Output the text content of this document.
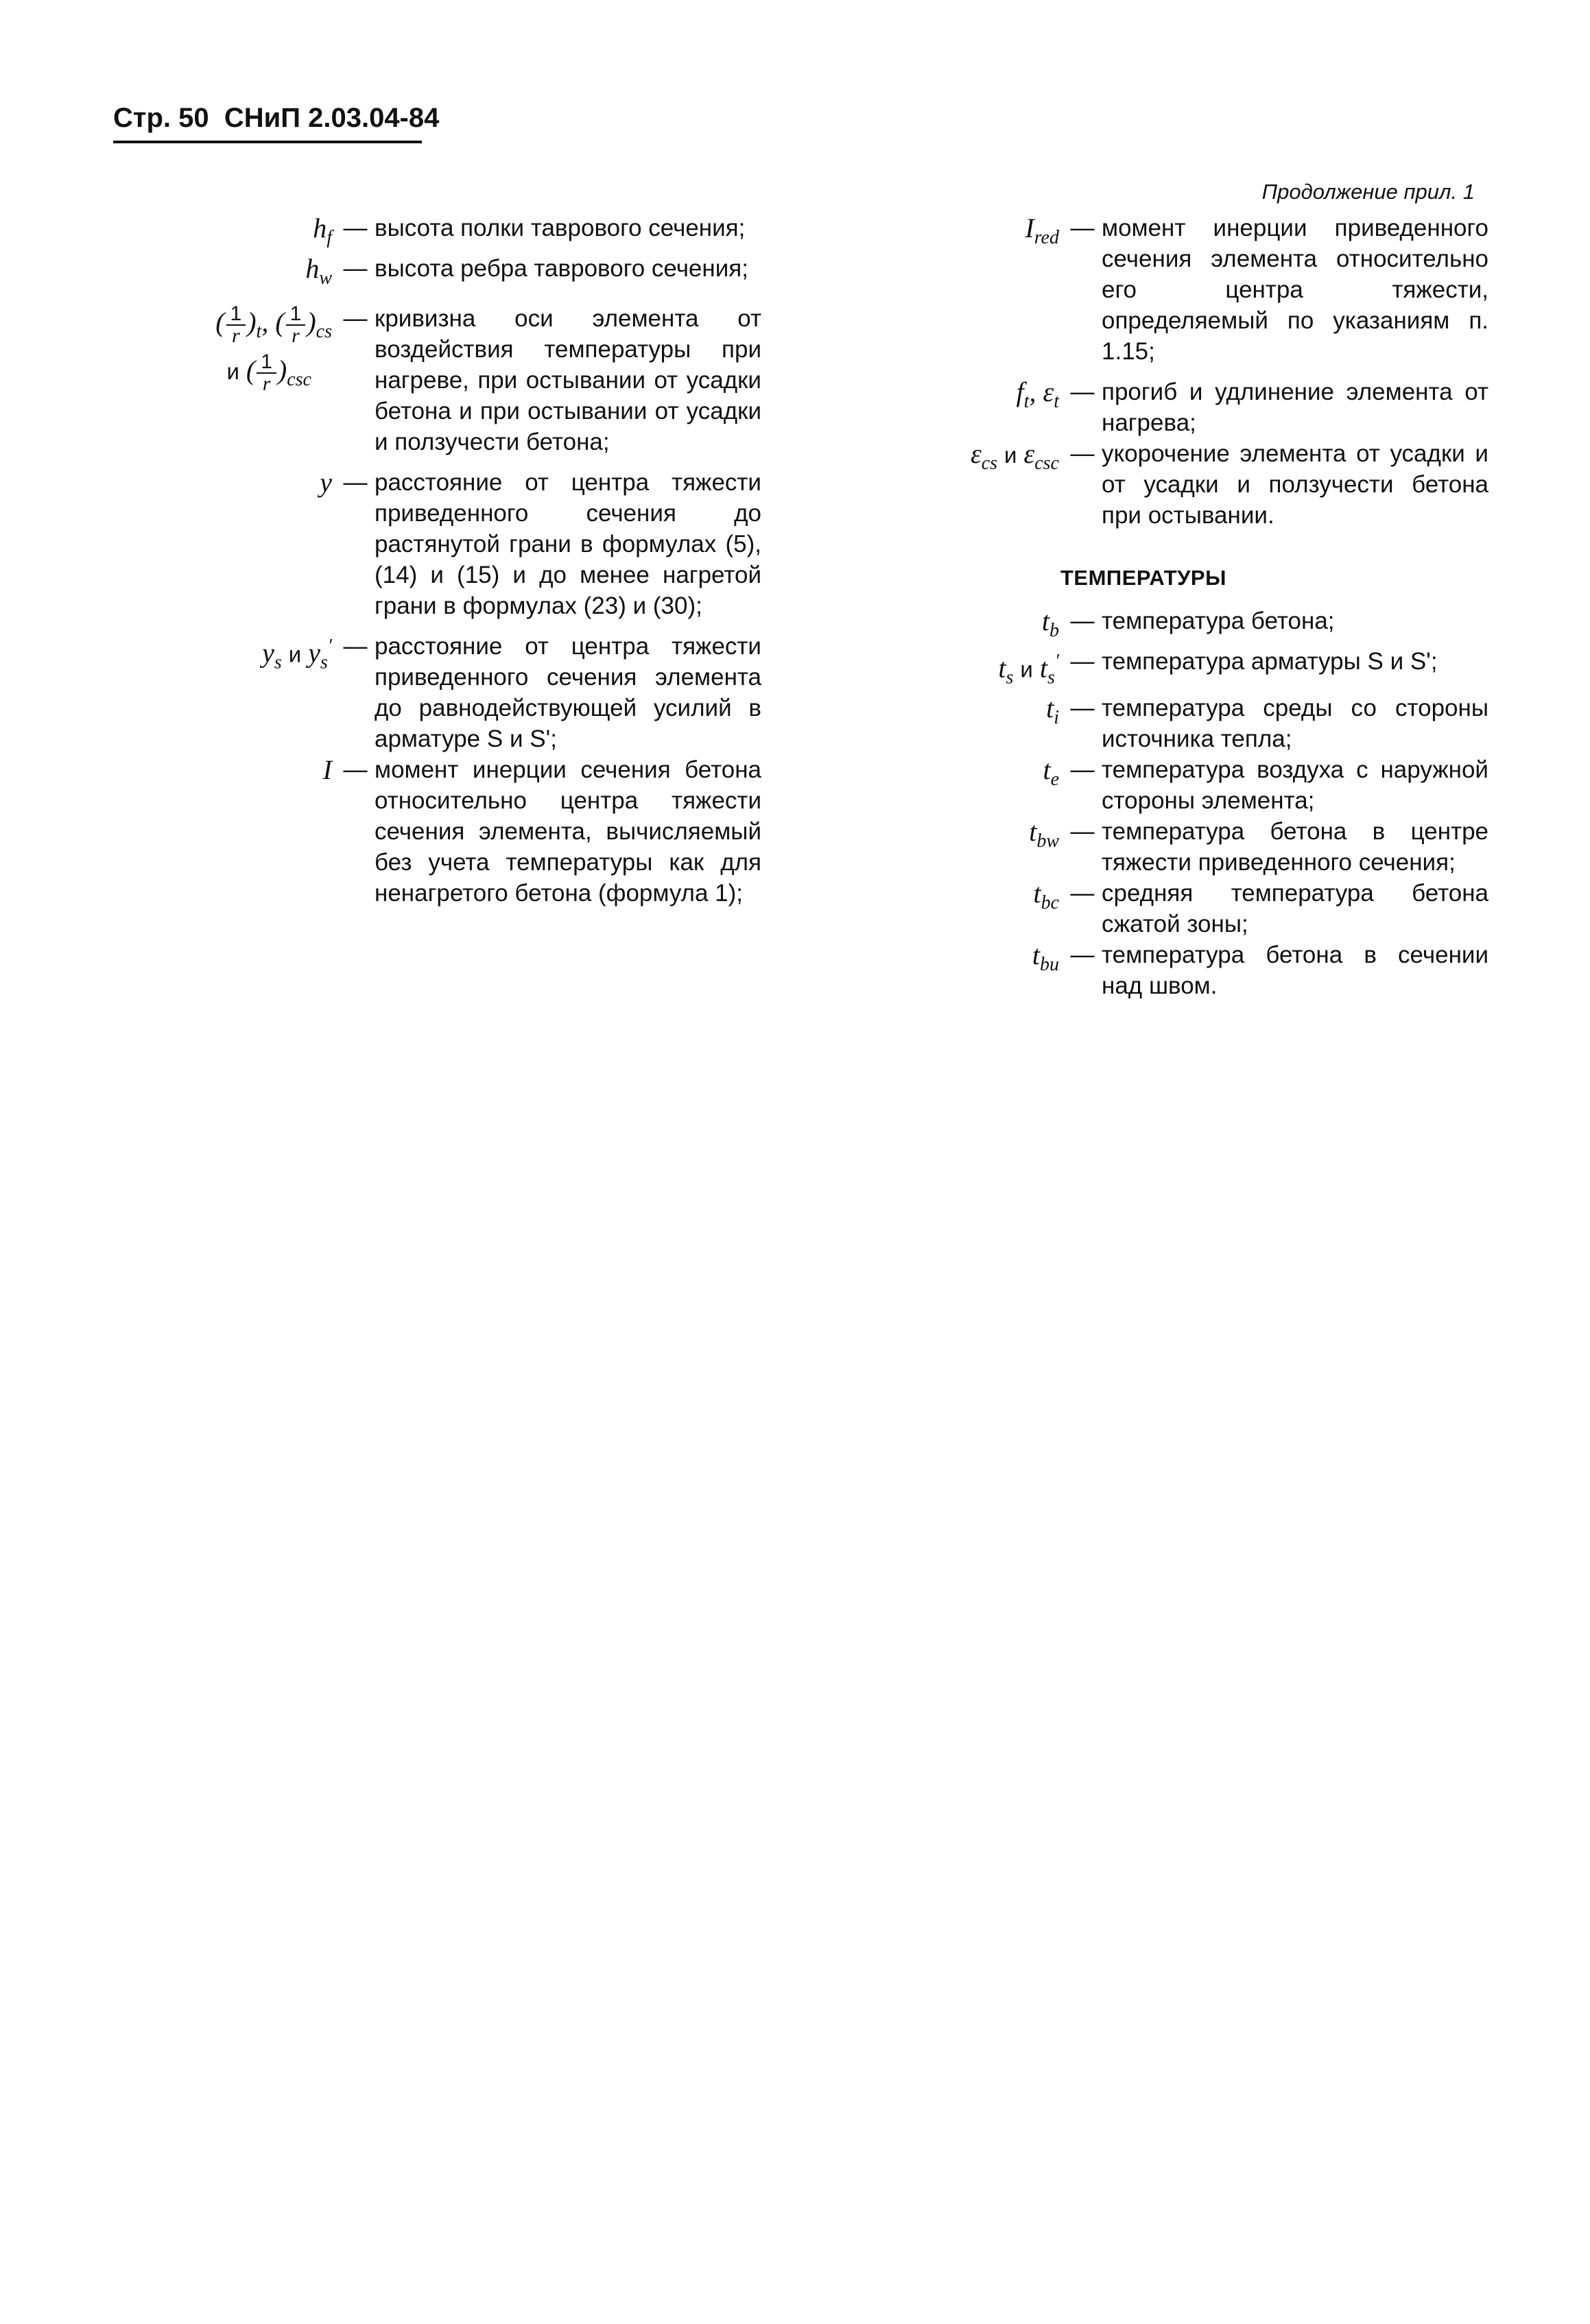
Стр. 50 СНиП 2.03.04-84
Продолжение прил. 1
$h_f$ — высота полки таврового сечения;
$h_w$ — высота ребра таврового сечения;
( $\frac{1}{r} )_t$, ( $\frac{1}{r} )_{cs}$
и ( $\frac{1}{r} )_{csc}$
— кривизна оси элемента от воздействия температуры при нагреве, при остывании от усадки бетона и при остывании от усадки и ползучести бетона;
y — расстояние от центра тяжести приведенного сечения до растянутой грани в формулах (5), (14) и (15) и до менее нагретой грани в формулах (23) и (30);
$y_s$ и $y_s'$ — расстояние от центра тяжести приведенного сечения элемента до равнодействующей усилий в арматуре S и S';
I — момент инерции сечения бетона относительно центра тяжести сечения элемента, вычисляемый без учета температуры как для ненагретого бетона (формула 1);
$I_{red}$ — момент инерции приведенного сечения элемента относительно его центра тяжести, определяемый по указаниям п. 1.15;
$f_t$, $\varepsilon_t$ — прогиб и удлинение элемента от нагрева;
$\varepsilon_{cs}$ и $\varepsilon_{csc}$ — укорочение элемента от усадки и от усадки и ползучести бетона при остывании.
ТЕМПЕРАТУРЫ
$t_b$ — температура бетона;
$t_s$ и $t_s'$ — температура арматуры S и S';
$t_i$ — температура среды со стороны источника тепла;
$t_e$ — температура воздуха с наружной стороны элемента;
$t_{bw}$ — температура бетона в центре тяжести приведенного сечения;
$t_{bc}$ — средняя температура бетона сжатой зоны;
$t_{bu}$ — температура бетона в сечении над швом.
